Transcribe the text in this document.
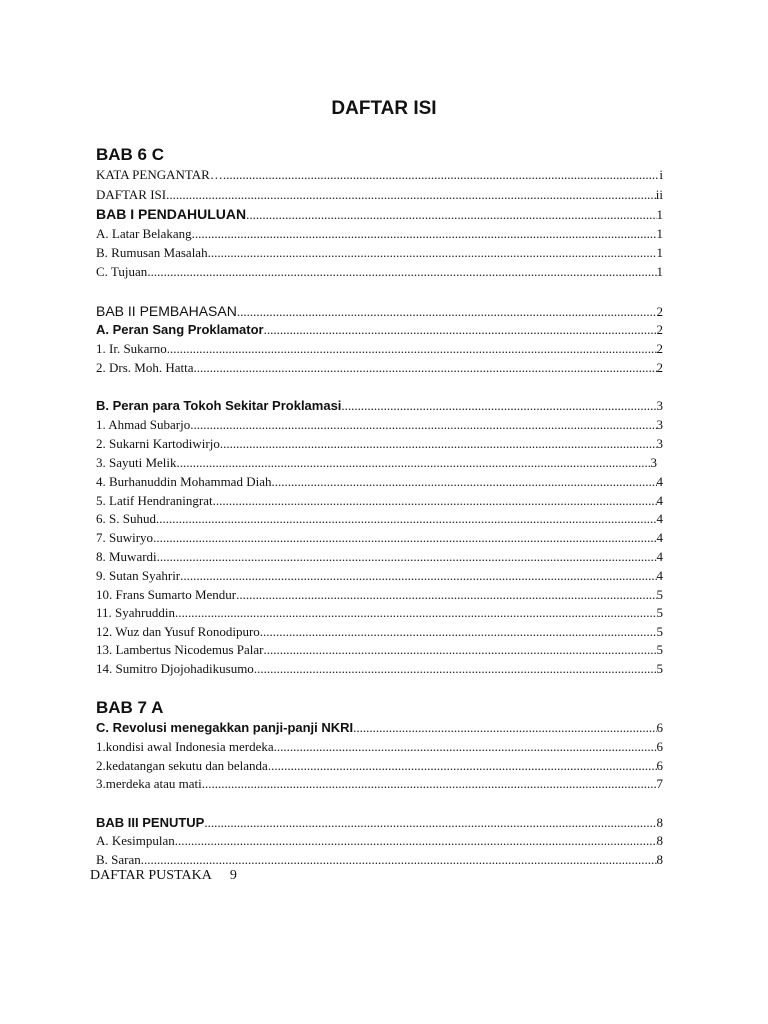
DAFTAR ISI
BAB 6 C
KATA PENGANTAR… .....	i
DAFTAR ISI .....	ii
BAB I PENDAHULUAN .....	1
A. Latar Belakang .....	1
B. Rumusan Masalah .....	1
C. Tujuan .....	1
BAB II PEMBAHASAN .....	2
A. Peran Sang Proklamator .....	2
1. Ir. Sukarno .....	2
2. Drs. Moh. Hatta .....	2
B. Peran para Tokoh Sekitar Proklamasi .....	3
1. Ahmad Subarjo .....	3
2. Sukarni Kartodiwirjo .....	3
3. Sayuti Melik .....	3
4. Burhanuddin Mohammad Diah .....	4
5. Latif Hendraningrat .....	4
6. S. Suhud .....	4
7. Suwiryo .....	4
8. Muwardi .....	4
9. Sutan Syahrir .....	4
10. Frans Sumarto Mendur .....	5
11. Syahruddin .....	5
12. Wuz dan Yusuf Ronodipuro .....	5
13. Lambertus Nicodemus Palar .....	5
14. Sumitro Djojohadikusumo .....	5
BAB 7 A
C. Revolusi menegakkan panji-panji NKRI .....	6
1.kondisi awal Indonesia merdeka .....	6
2.kedatangan sekutu dan belanda .....	6
3.merdeka atau mati .....	7
BAB III PENUTUP .....	8
A. Kesimpulan .....	8
B. Saran .....	8
DAFTAR PUSTAKA 9
